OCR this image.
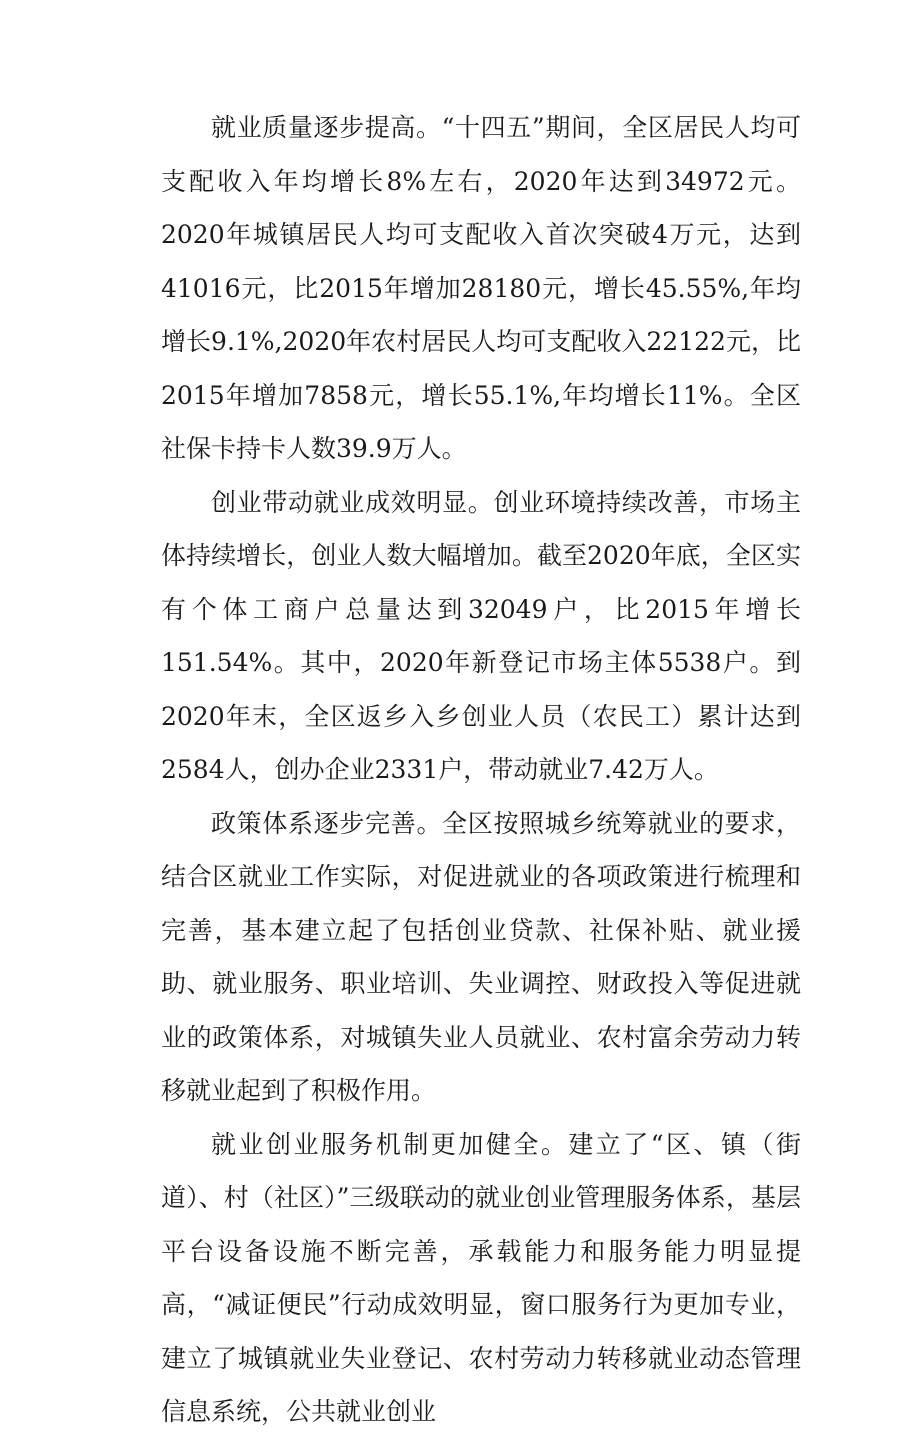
就业质量逐步提高。“十四五”期间，全区居民人均可支配收入年均增长8%左右，2020年达到34972元。2020年城镇居民人均可支配收入首次突破4万元，达到41016元，比2015年增加28180元，增长45.55%,年均增长9.1%,2020年农村居民人均可支配收入22122元，比2015年增加7858元，增长55.1%,年均增长11%。全区社保卡持卡人数39.9万人。

创业带动就业成效明显。创业环境持续改善，市场主体持续增长，创业人数大幅增加。截至2020年底，全区实有个体工商户总量达到32049户，比2015年增长151.54%。其中，2020年新登记市场主体5538户。到2020年末，全区返乡入乡创业人员（农民工）累计达到2584人，创办企业2331户，带动就业7.42万人。

政策体系逐步完善。全区按照城乡统筹就业的要求，结合区就业工作实际，对促进就业的各项政策进行梳理和完善，基本建立起了包括创业贷款、社保补贴、就业援助、就业服务、职业培训、失业调控、财政投入等促进就业的政策体系，对城镇失业人员就业、农村富余劳动力转移就业起到了积极作用。

就业创业服务机制更加健全。建立了“区、镇（街道）、村（社区）”三级联动的就业创业管理服务体系，基层平台设备设施不断完善，承载能力和服务能力明显提高，“减证便民”行动成效明显，窗口服务行为更加专业，建立了城镇就业失业登记、农村劳动力转移就业动态管理信息系统，公共就业创业
